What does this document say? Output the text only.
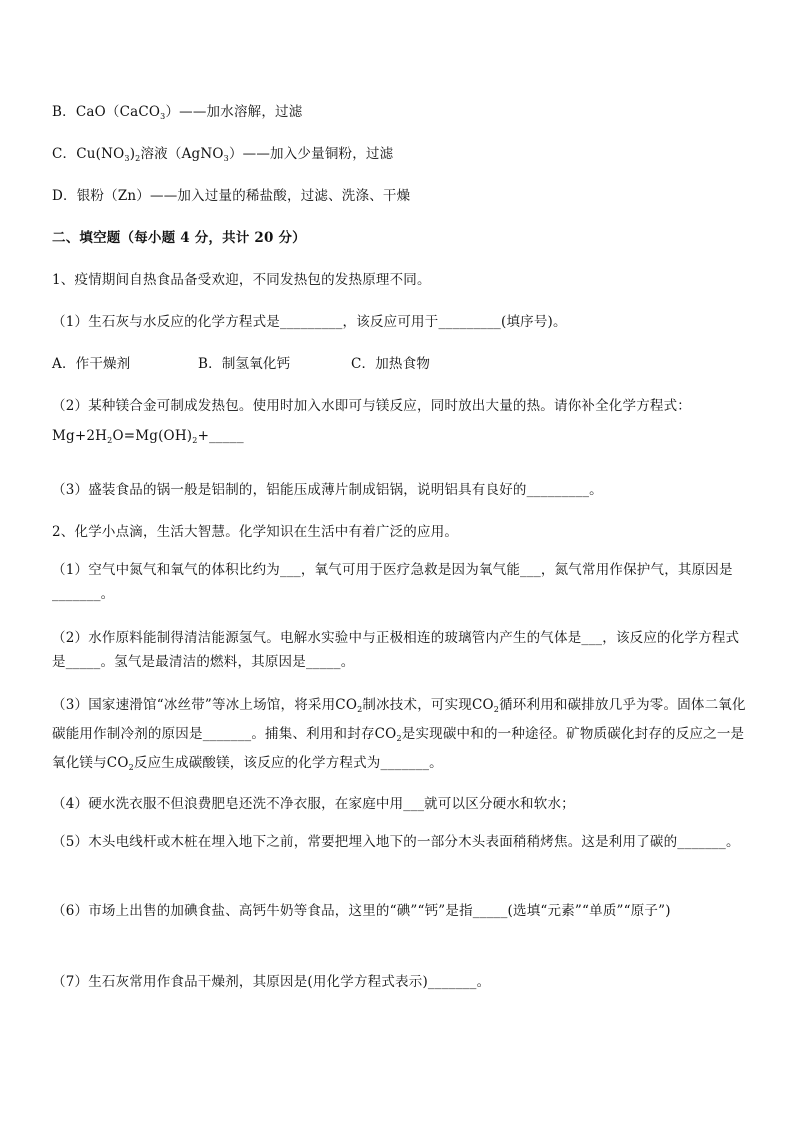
B．CaO（CaCO$_3$）——加水溶解，过滤
C．$Cu(NO_3)_2$溶液（AgNO$_3$）——加入少量铜粉，过滤
D．银粉（Zn）——加入过量的稀盐酸，过滤、洗涤、干燥
二、填空题（每小题 4 分，共计 20 分）
1、疫情期间自热食品备受欢迎，不同发热包的发热原理不同。
（1）生石灰与水反应的化学方程式是_________，该反应可用于_________(填序号)。
A．作干燥剂	B．制氢氧化钙	C．加热食物
（2）某种镁合金可制成发热包。使用时加入水即可与镁反应，同时放出大量的热。请你补全化学方程式：
$Mg+2H_2O=Mg(OH)_2+\_\_\_\_\_$
（3）盛装食品的锅一般是铝制的，铝能压成薄片制成铝锅，说明铝具有良好的_________。
2、化学小点滴，生活大智慧。化学知识在生活中有着广泛的应用。
（1）空气中氮气和氧气的体积比约为___，氧气可用于医疗急救是因为氧气能___，氮气常用作保护气，其原因是_______。
（2）水作原料能制得清洁能源氢气。电解水实验中与正极相连的玻璃管内产生的气体是___，该反应的化学方程式是_____。氢气是最清洁的燃料，其原因是_____。
（3）国家速滑馆“冰丝带”等冰上场馆，将采用$CO_2$制冰技术，可实现$CO_2$循环利用和碳排放几乎为零。固体二氧化碳能用作制冷剂的原因是_______。捕集、利用和封存$CO_2$是实现碳中和的一种途径。矿物质碳化封存的反应之一是氧化镁与$CO_2$反应生成碳酸镁，该反应的化学方程式为_______。
（4）硬水洗衣服不但浪费肥皂还洗不净衣服，在家庭中用___就可以区分硬水和软水；
（5）木头电线杆或木桩在埋入地下之前，常要把埋入地下的一部分木头表面稍稍烤焦。这是利用了碳的_______。
（6）市场上出售的加碘食盐、高钙牛奶等食品，这里的“碘”“钙”是指_____(选填“元素”“单质”“原子”)
（7）生石灰常用作食品干燥剂，其原因是(用化学方程式表示)_______。
